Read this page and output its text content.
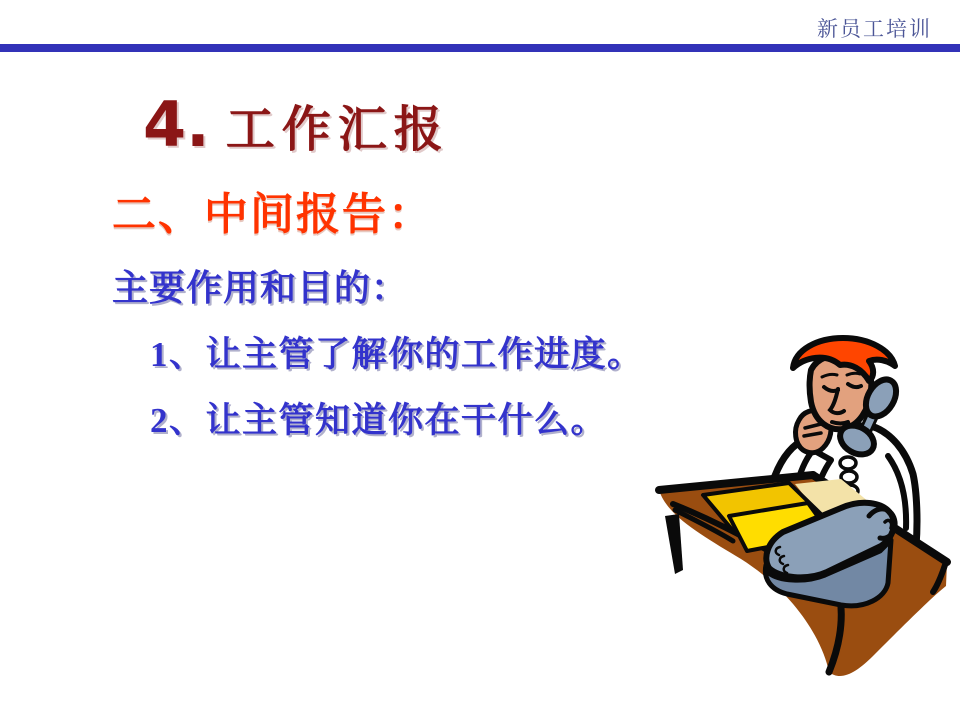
新员工培训
4. 工作汇报
二、中间报告：
主要作用和目的：
1、让主管了解你的工作进度。
2、让主管知道你在干什么。
